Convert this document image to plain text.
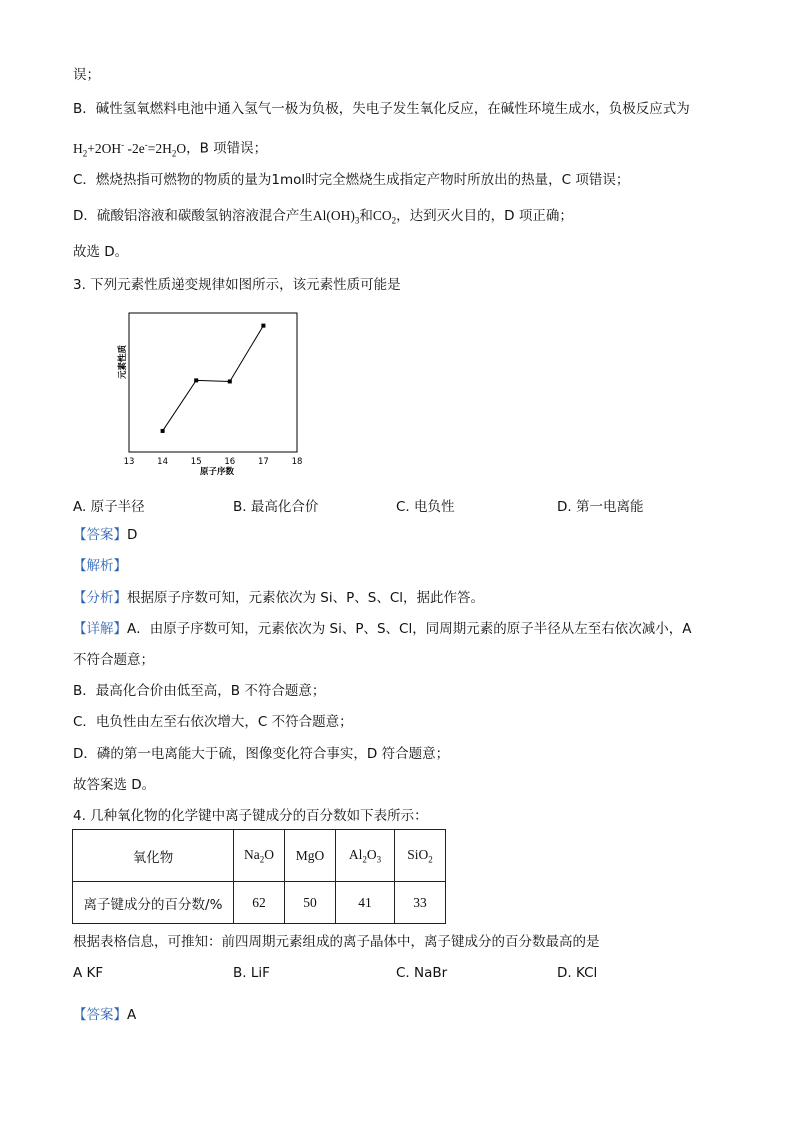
误；
B．碱性氢氧燃料电池中通入氢气一极为负极，失电子发生氧化反应，在碱性环境生成水，负极反应式为
$H_2+2OH^-$ $-2e^-=2H_2O$，B 项错误；
C．燃烧热指可燃物的物质的量为1mol时完全燃烧生成指定产物时所放出的热量，C 项错误；
D．硫酸铝溶液和碳酸氢钠溶液混合产生$Al(OH)_3$和$CO_2$，达到灭火目的，D 项正确；
故选 D。
3. 下列元素性质递变规律如图所示，该元素性质可能是
元素性质
原子序数
13	14	15	16	17	18
A. 原子半径	B. 最高化合价	C. 电负性	D. 第一电离能
【答案】D
【解析】
【分析】根据原子序数可知，元素依次为 Si、P、S、Cl，据此作答。
【详解】A．由原子序数可知，元素依次为 Si、P、S、Cl，同周期元素的原子半径从左至右依次减小，A
不符合题意；
B．最高化合价由低至高，B 不符合题意；
C．电负性由左至右依次增大，C 不符合题意；
D．磷的第一电离能大于硫，图像变化符合事实，D 符合题意；
故答案选 D。
4. 几种氧化物的化学键中离子键成分的百分数如下表所示：
氧化物	$Na_2O$	MgO	$Al_2O_3$	SiO$_2$
离子键成分的百分数/%	62	50	41	33
根据表格信息，可推知：前四周期元素组成的离子晶体中，离子键成分的百分数最高的是
A KF	B. LiF	C. NaBr	D. KCl
【答案】A
